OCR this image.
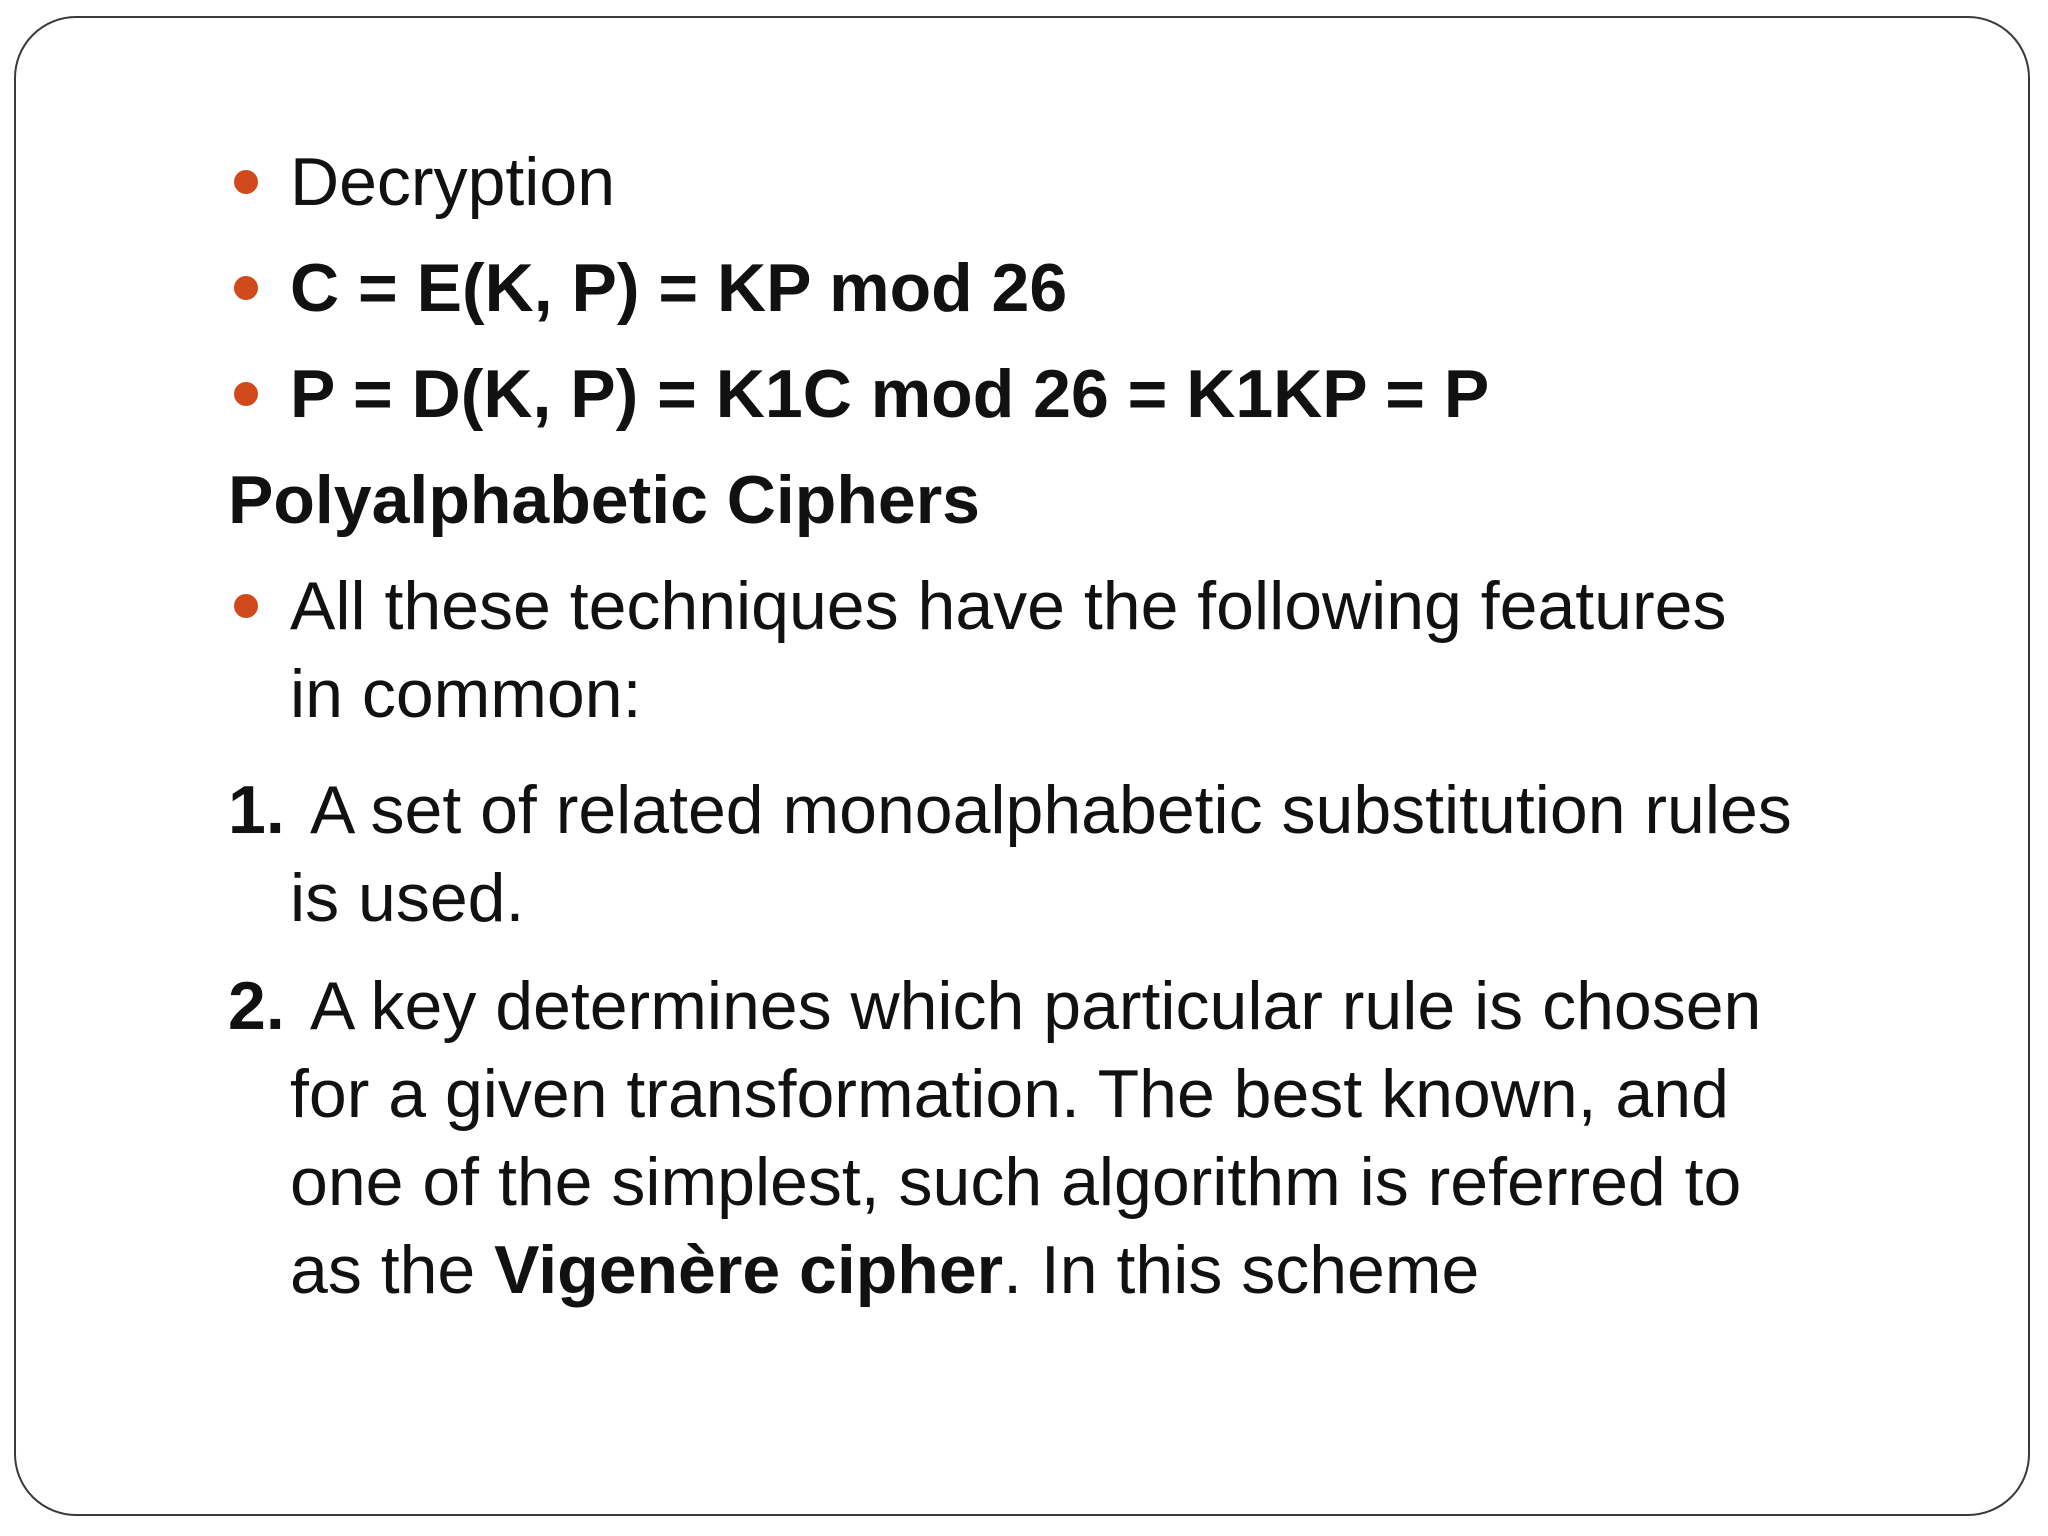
Decryption
C = E(K, P) = KP mod 26
P = D(K, P) = K1C mod 26 = K1KP = P
Polyalphabetic Ciphers
All these techniques have the following features
in common:
1. A set of related monoalphabetic substitution rules
is used.
2. A key determines which particular rule is chosen
for a given transformation. The best known, and
one of the simplest, such algorithm is referred to
as the Vigenère cipher. In this scheme
